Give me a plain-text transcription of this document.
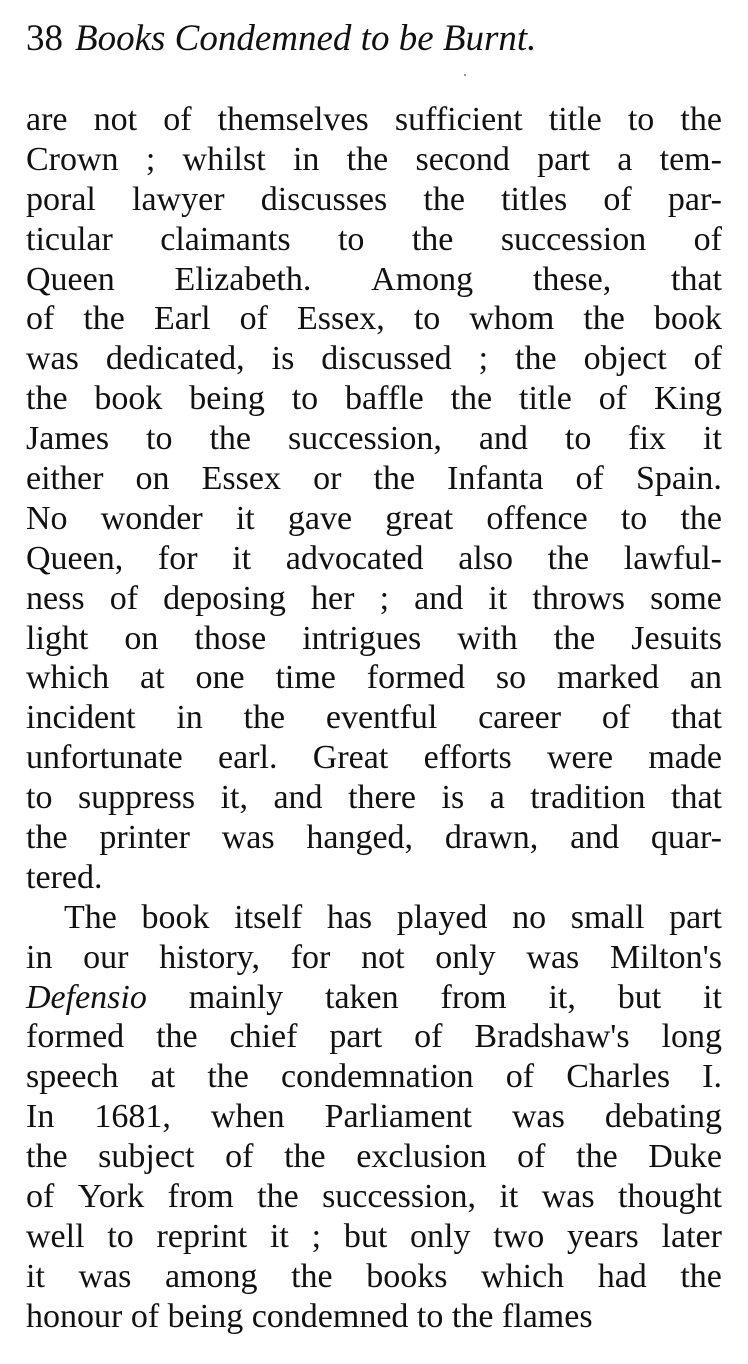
38 Books Condemned to be Burnt.
are not of themselves sufficient title to the
Crown ; whilst in the second part a tem-
poral lawyer discusses the titles of par-
ticular claimants to the succession of
Queen Elizabeth. Among these, that
of the Earl of Essex, to whom the book
was dedicated, is discussed ; the object of
the book being to baffle the title of King
James to the succession, and to fix it
either on Essex or the Infanta of Spain.
No wonder it gave great offence to the
Queen, for it advocated also the lawful-
ness of deposing her ; and it throws some
light on those intrigues with the Jesuits
which at one time formed so marked an
incident in the eventful career of that
unfortunate earl. Great efforts were made
to suppress it, and there is a tradition that
the printer was hanged, drawn, and quar-
tered.
The book itself has played no small part
in our history, for not only was Milton's
Defensio mainly taken from it, but it
formed the chief part of Bradshaw's long
speech at the condemnation of Charles I.
In 1681, when Parliament was debating
the subject of the exclusion of the Duke
of York from the succession, it was thought
well to reprint it ; but only two years later
it was among the books which had the
honour
of
being
condemned
to
the
flames
